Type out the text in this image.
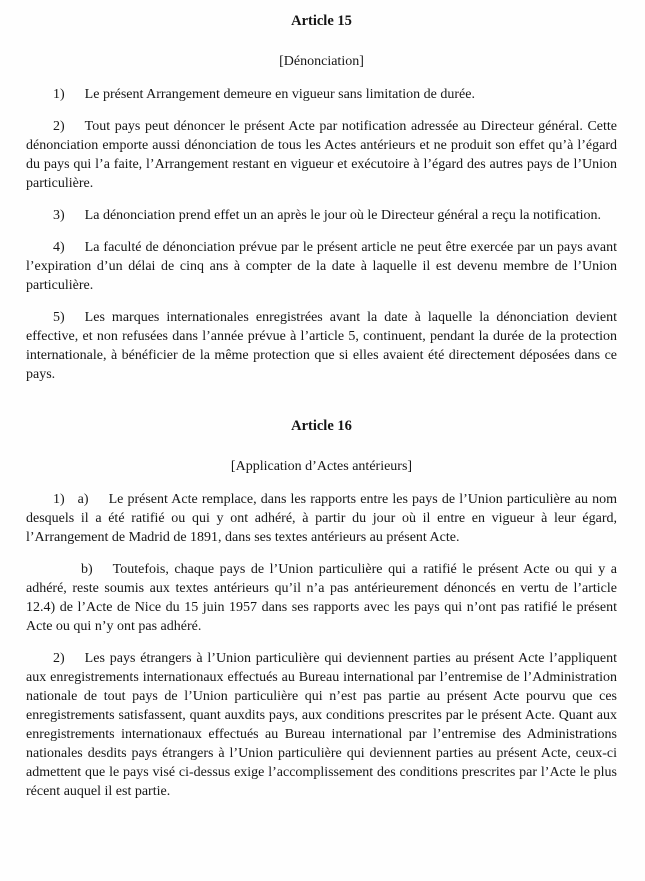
Article 15

[Dénonciation]

1) Le présent Arrangement demeure en vigueur sans limitation de durée.

2) Tout pays peut dénoncer le présent Acte par notification adressée au Directeur général. Cette dénonciation emporte aussi dénonciation de tous les Actes antérieurs et ne produit son effet qu’à l’égard du pays qui l’a faite, l’Arrangement restant en vigueur et exécutoire à l’égard des autres pays de l’Union particulière.

3) La dénonciation prend effet un an après le jour où le Directeur général a reçu la notification.

4) La faculté de dénonciation prévue par le présent article ne peut être exercée par un pays avant l’expiration d’un délai de cinq ans à compter de la date à laquelle il est devenu membre de l’Union particulière.

5) Les marques internationales enregistrées avant la date à laquelle la dénonciation devient effective, et non refusées dans l’année prévue à l’article 5, continuent, pendant la durée de la protection internationale, à bénéficier de la même protection que si elles avaient été directement déposées dans ce pays.

Article 16

[Application d’Actes antérieurs]

1) a) Le présent Acte remplace, dans les rapports entre les pays de l’Union particulière au nom desquels il a été ratifié ou qui y ont adhéré, à partir du jour où il entre en vigueur à leur égard, l’Arrangement de Madrid de 1891, dans ses textes antérieurs au présent Acte.

b) Toutefois, chaque pays de l’Union particulière qui a ratifié le présent Acte ou qui y a adhéré, reste soumis aux textes antérieurs qu’il n’a pas antérieurement dénoncés en vertu de l’article 12.4) de l’Acte de Nice du 15 juin 1957 dans ses rapports avec les pays qui n’ont pas ratifié le présent Acte ou qui n’y ont pas adhéré.

2) Les pays étrangers à l’Union particulière qui deviennent parties au présent Acte l’appliquent aux enregistrements internationaux effectués au Bureau international par l’entremise de l’Administration nationale de tout pays de l’Union particulière qui n’est pas partie au présent Acte pourvu que ces enregistrements satisfassent, quant auxdits pays, aux conditions prescrites par le présent Acte. Quant aux enregistrements internationaux effectués au Bureau international par l’entremise des Administrations nationales desdits pays étrangers à l’Union particulière qui deviennent parties au présent Acte, ceux-ci admettent que le pays visé ci-dessus exige l’accomplissement des conditions prescrites par l’Acte le plus récent auquel il est partie.
